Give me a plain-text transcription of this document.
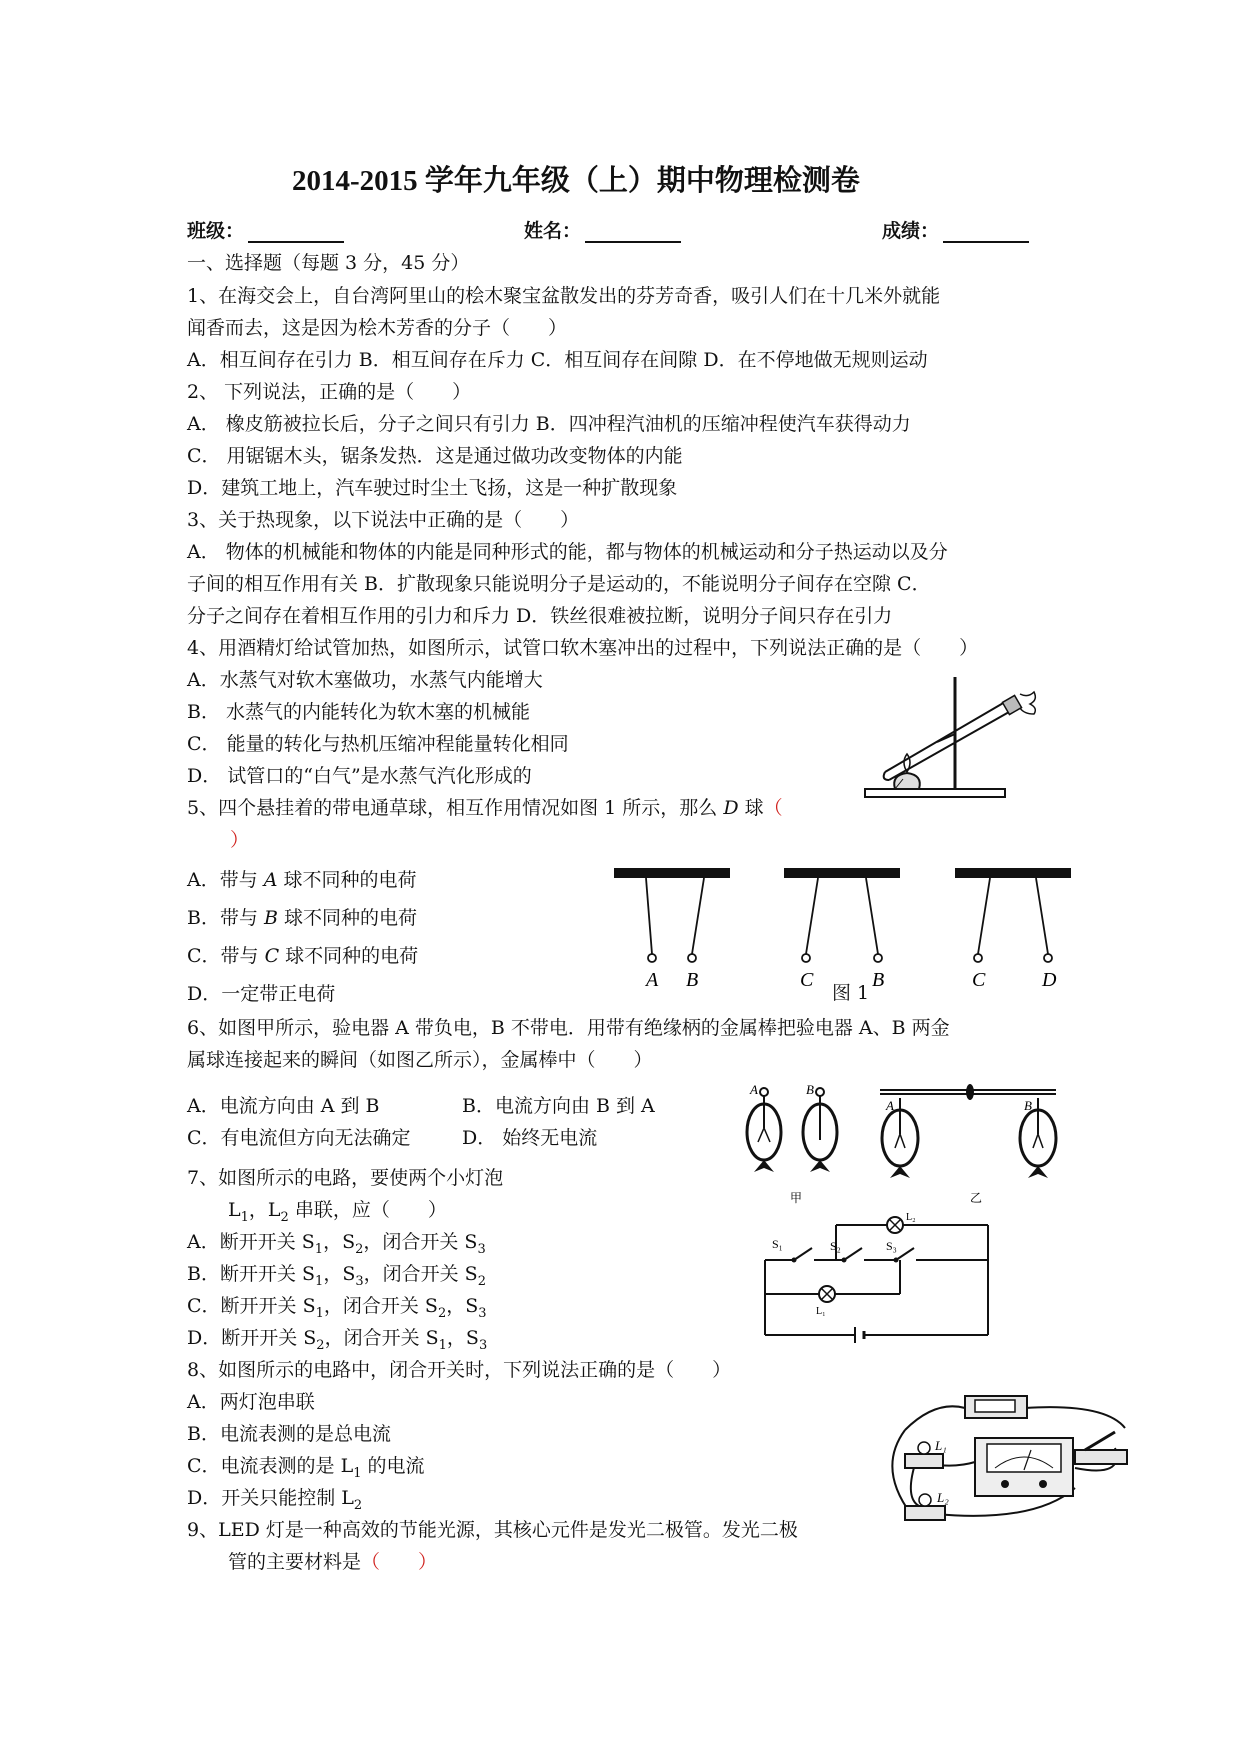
2014-2015 学年九年级（上）期中物理检测卷
班级：	姓名：	成绩：
一、选择题（每题 3 分，45 分）
1、在海交会上，自台湾阿里山的桧木聚宝盆散发出的芬芳奇香，吸引人们在十几米外就能
闻香而去，这是因为桧木芳香的分子（　　）
A．相互间存在引力 B．相互间存在斥力 C．相互间存在间隙 D．在不停地做无规则运动
2、 下列说法，正确的是（　　）
A． 橡皮筋被拉长后，分子之间只有引力 B．四冲程汽油机的压缩冲程使汽车获得动力
C． 用锯锯木头，锯条发热．这是通过做功改变物体的内能
D．建筑工地上，汽车驶过时尘土飞扬，这是一种扩散现象
3、关于热现象，以下说法中正确的是（　　）
A． 物体的机械能和物体的内能是同种形式的能，都与物体的机械运动和分子热运动以及分
子间的相互作用有关 B．扩散现象只能说明分子是运动的，不能说明分子间存在空隙 C．
分子之间存在着相互作用的引力和斥力 D．铁丝很难被拉断，说明分子间只存在引力
4、用酒精灯给试管加热，如图所示，试管口软木塞冲出的过程中，下列说法正确的是（　　）
A．水蒸气对软木塞做功，水蒸气内能增大
B． 水蒸气的内能转化为软木塞的机械能
C． 能量的转化与热机压缩冲程能量转化相同
D． 试管口的“白气”是水蒸气汽化形成的
5、四个悬挂着的带电通草球，相互作用情况如图 1 所示，那么 D 球（
）
A．带与 A 球不同种的电荷
B．带与 B 球不同种的电荷
C．带与 C 球不同种的电荷
D．一定带正电荷
A B	C	B	C	D
图 1
6、如图甲所示，验电器 A 带负电，B 不带电．用带有绝缘柄的金属棒把验电器 A、B 两金
属球连接起来的瞬间（如图乙所示），金属棒中（　　）
A．电流方向由 A 到 B	B．电流方向由 B 到 A
C．有电流但方向无法确定	D． 始终无电流
A	B
A	B
甲	乙
7、如图所示的电路，要使两个小灯泡
$L_1$，$L_2$ 串联，应（　　）
A．断开开关 $S_1$，$S_2$，闭合开关 $S_3$
B．断开开关 $S_1$，$S_3$，闭合开关 $S_2$
C．断开开关 $S_1$，闭合开关 $S_2$，$S_3$
D．断开开关 $S_2$，闭合开关 $S_1$，$S_3$
S₁	S₂	S₃
L₂
L₁
8、如图所示的电路中，闭合开关时，下列说法正确的是（　　）
A．两灯泡串联
B．电流表测的是总电流
C．电流表测的是 $L_1$ 的电流
D．开关只能控制 $L_2$
L₁
L₂
9、LED 灯是一种高效的节能光源，其核心元件是发光二极管。发光二极
管的主要材料是（　　）
